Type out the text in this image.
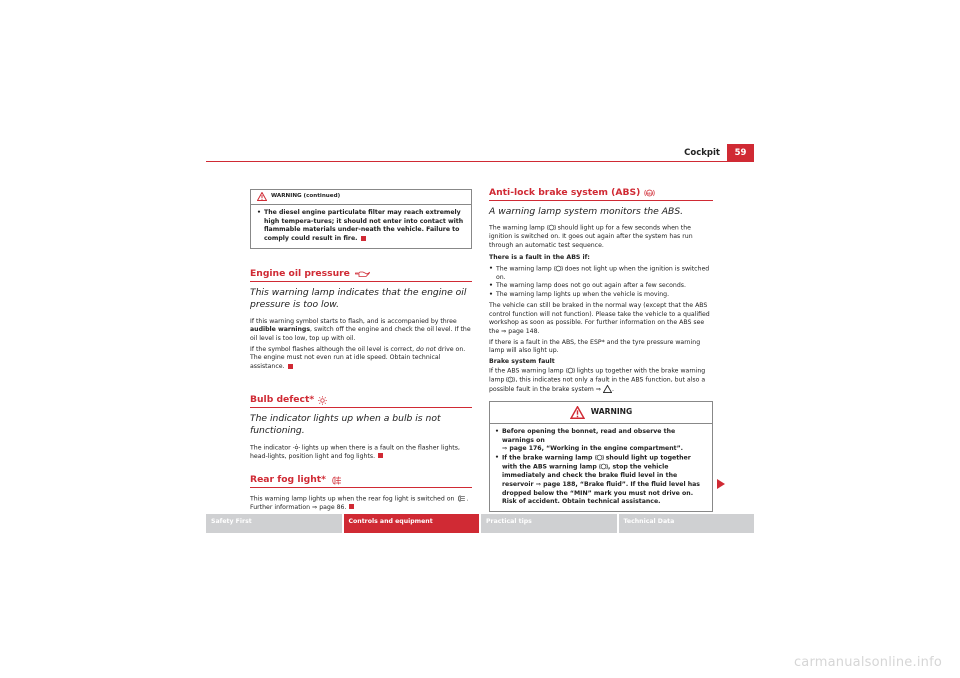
Cockpit	59
WARNING (continued)
• The diesel engine particulate filter may reach extremely high tempera-tures; it should not enter into contact with flammable materials under-neath the vehicle. Failure to comply could result in fire.
Engine oil pressure
This warning lamp indicates that the engine oil pressure is too low.

If this warning symbol starts to flash, and is accompanied by three audible warnings, switch off the engine and check the oil level. If the oil level is too low, top up with oil.

If the symbol flashes although the oil level is correct, do not drive on. The engine must not even run at idle speed. Obtain technical assistance.

Bulb defect*
The indicator lights up when a bulb is not functioning.

The indicator lights up when there is a fault on the flasher lights, head-lights, position light and fog lights.

Rear fog light*

This warning lamp lights up when the rear fog light is switched on . Further information ⇒ page 86.

Anti-lock brake system (ABS) ABS
A warning lamp system monitors the ABS.

The warning lamp should light up for a few seconds when the ignition is switched on. It goes out again after the system has run through an automatic test sequence.

There is a fault in the ABS if:

• The warning lamp does not light up when the ignition is switched on.
• The warning lamp does not go out again after a few seconds.
• The warning lamp lights up when the vehicle is moving.

The vehicle can still be braked in the normal way (except that the ABS control function will not function). Please take the vehicle to a qualified workshop as soon as possible. For further information on the ABS see the ⇒ page 148.

If there is a fault in the ABS, the ESP* and the tyre pressure warning lamp will also light up.

Brake system fault

If the ABS warning lamp lights up together with the brake warning lamp ! , this indicates not only a fault in the ABS function, but also a possible fault in the brake system ⇒ .

WARNING
• Before opening the bonnet, read and observe the warnings on
⇒ page 176, “Working in the engine compartment”.
• If the brake warning lamp should light up together with the ABS warning lamp , stop the vehicle immediately and check the brake fluid level in the reservoir ⇒ page 188, “Brake fluid”. If the fluid level has dropped below the “MIN” mark you must not drive on. Risk of accident. Obtain technical assistance.
Safety First	Controls and equipment	Practical tips	Technical Data
carmanualsonline.info
